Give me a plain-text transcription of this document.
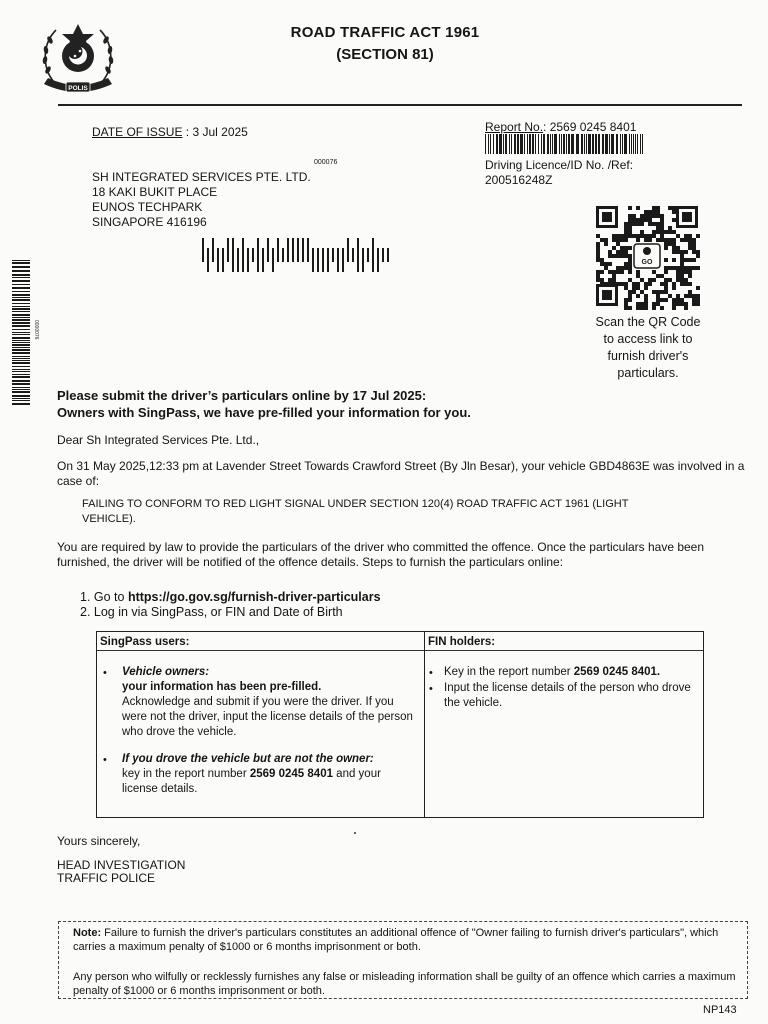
POLIS
ROAD TRAFFIC ACT 1961
(SECTION 81)
DATE OF ISSUE : 3 Jul 2025	Report No.: 2569 0245 8401
Driving Licence/ID No. /Ref:
200516248Z
000076
SH INTEGRATED SERVICES PTE. LTD.
18 KAKI BUKIT PLACE
EUNOS TECHPARK
SINGAPORE 416196
0000076
GO
Scan the QR Code
to access link to
furnish driver's
particulars.
Please submit the driver’s particulars online by 17 Jul 2025:
Owners with SingPass, we have pre-filled your information for you.
Dear Sh Integrated Services Pte. Ltd.,
On 31 May 2025,12:33 pm at Lavender Street Towards Crawford Street (By Jln Besar), your vehicle GBD4863E was involved in a case of:
FAILING TO CONFORM TO RED LIGHT SIGNAL UNDER SECTION 120(4) ROAD TRAFFIC ACT 1961 (LIGHT VEHICLE).
You are required by law to provide the particulars of the driver who committed the offence. Once the particulars have been furnished, the driver will be notified of the offence details. Steps to furnish the particulars online:
1. Go to https://go.gov.sg/furnish-driver-particulars
2. Log in via SingPass, or FIN and Date of Birth
SingPass users:
• Vehicle owners:
your information has been pre-filled.
Acknowledge and submit if you were the driver. If you were not the driver, input the license details of the person who drove the vehicle.
• If you drove the vehicle but are not the owner:
key in the report number 2569 0245 8401 and your license details.
FIN holders:
• Key in the report number 2569 0245 8401.
• Input the license details of the person who drove the vehicle.
Yours sincerely,
HEAD INVESTIGATION
TRAFFIC POLICE
Note: Failure to furnish the driver's particulars constitutes an additional offence of "Owner failing to furnish driver's particulars", which carries a maximum penalty of $1000 or 6 months imprisonment or both.
Any person who wilfully or recklessly furnishes any false or misleading information shall be guilty of an offence which carries a maximum penalty of $1000 or 6 months imprisonment or both.
NP143
